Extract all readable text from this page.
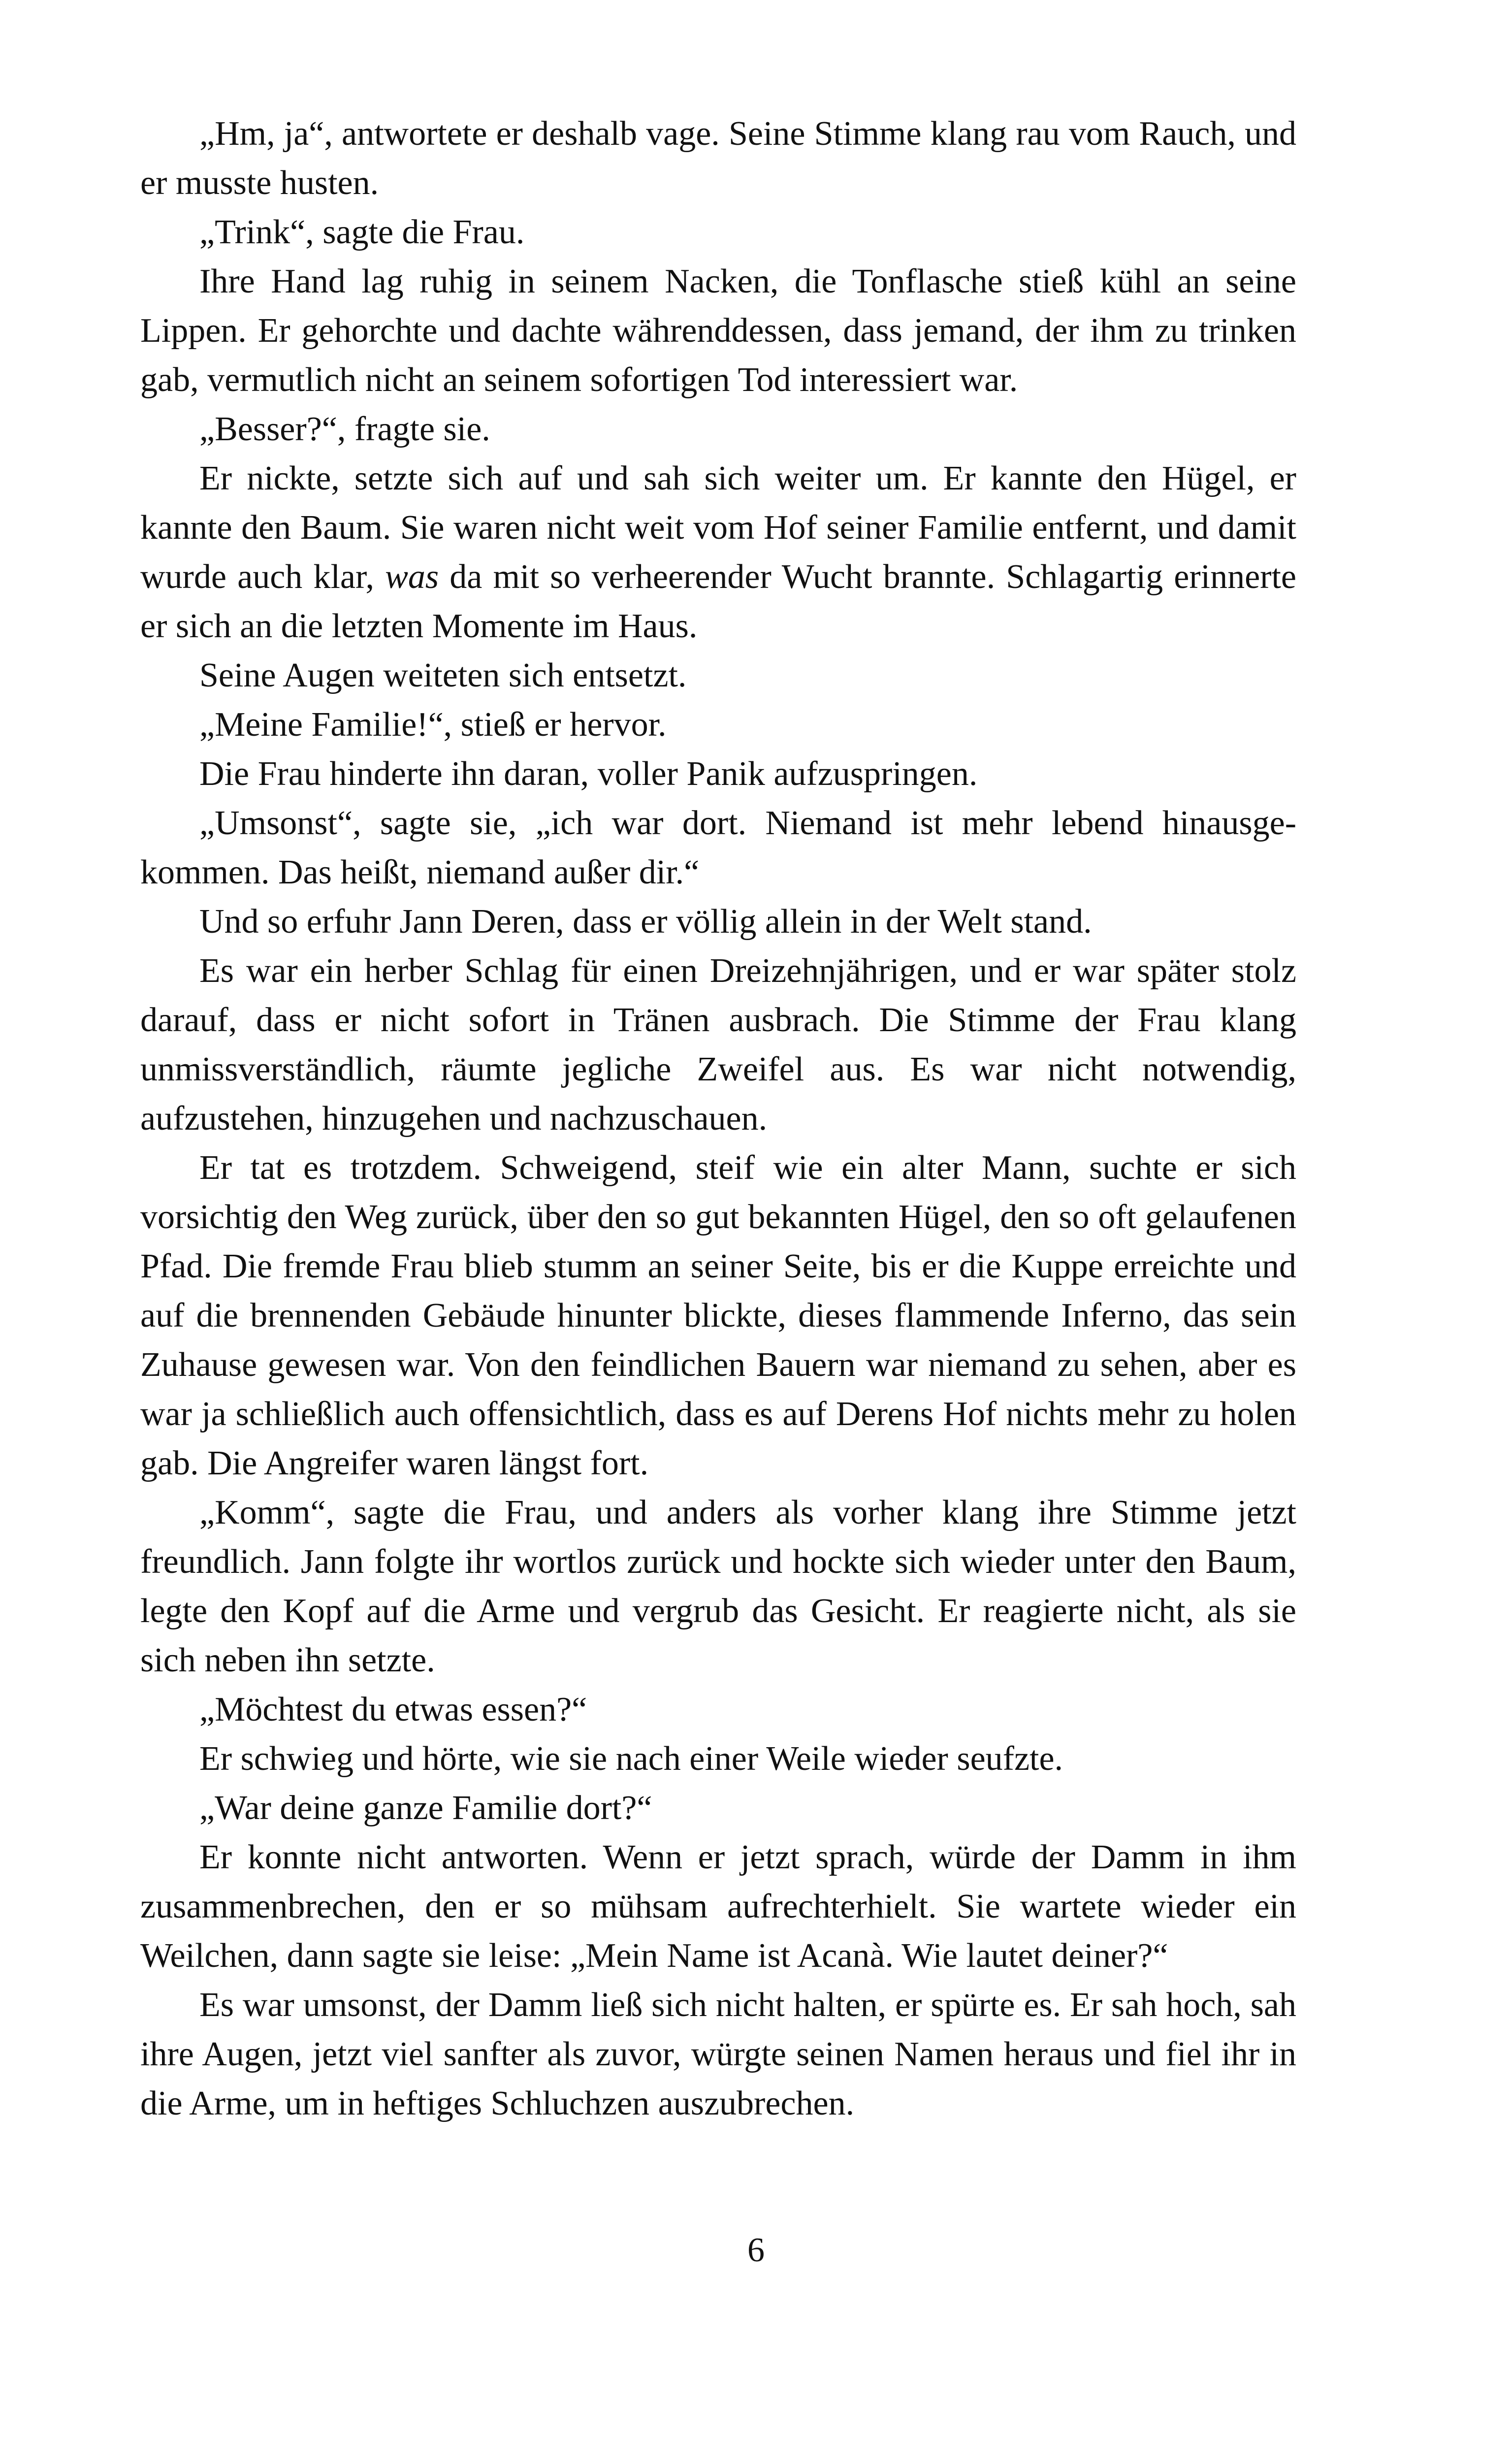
„Hm, ja“, antwortete er deshalb vage. Seine Stimme klang rau vom Rauch, und er musste husten.

„Trink“, sagte die Frau.

Ihre Hand lag ruhig in seinem Nacken, die Tonflasche stieß kühl an seine Lippen. Er gehorchte und dachte währenddessen, dass jemand, der ihm zu trinken gab, vermutlich nicht an seinem sofortigen Tod interessiert war.

„Besser?“, fragte sie.

Er nickte, setzte sich auf und sah sich weiter um. Er kannte den Hügel, er kannte den Baum. Sie waren nicht weit vom Hof seiner Familie entfernt, und damit wurde auch klar, was da mit so verheerender Wucht brannte. Schlagartig erinnerte er sich an die letzten Momente im Haus.

Seine Augen weiteten sich entsetzt.

„Meine Familie!“, stieß er hervor.

Die Frau hinderte ihn daran, voller Panik aufzuspringen.

„Umsonst“, sagte sie, „ich war dort. Niemand ist mehr lebend hinausgekommen. Das heißt, niemand außer dir.“

Und so erfuhr Jann Deren, dass er völlig allein in der Welt stand.

Es war ein herber Schlag für einen Dreizehnjährigen, und er war später stolz darauf, dass er nicht sofort in Tränen ausbrach. Die Stimme der Frau klang unmissverständlich, räumte jegliche Zweifel aus. Es war nicht notwendig, aufzustehen, hinzugehen und nachzuschauen.

Er tat es trotzdem. Schweigend, steif wie ein alter Mann, suchte er sich vorsichtig den Weg zurück, über den so gut bekannten Hügel, den so oft gelaufenen Pfad. Die fremde Frau blieb stumm an seiner Seite, bis er die Kuppe erreichte und auf die brennenden Gebäude hinunter blickte, dieses flammende Inferno, das sein Zuhause gewesen war. Von den feindlichen Bauern war niemand zu sehen, aber es war ja schließlich auch offensichtlich, dass es auf Derens Hof nichts mehr zu holen gab. Die Angreifer waren längst fort.

„Komm“, sagte die Frau, und anders als vorher klang ihre Stimme jetzt freundlich. Jann folgte ihr wortlos zurück und hockte sich wieder unter den Baum, legte den Kopf auf die Arme und vergrub das Gesicht. Er reagierte nicht, als sie sich neben ihn setzte.

„Möchtest du etwas essen?“

Er schwieg und hörte, wie sie nach einer Weile wieder seufzte.

„War deine ganze Familie dort?“

Er konnte nicht antworten. Wenn er jetzt sprach, würde der Damm in ihm zusammenbrechen, den er so mühsam aufrechterhielt. Sie wartete wieder ein Weilchen, dann sagte sie leise: „Mein Name ist Acanà. Wie lautet deiner?“

Es war umsonst, der Damm ließ sich nicht halten, er spürte es. Er sah hoch, sah ihre Augen, jetzt viel sanfter als zuvor, würgte seinen Namen heraus und fiel ihr in die Arme, um in heftiges Schluchzen auszubrechen.

6
